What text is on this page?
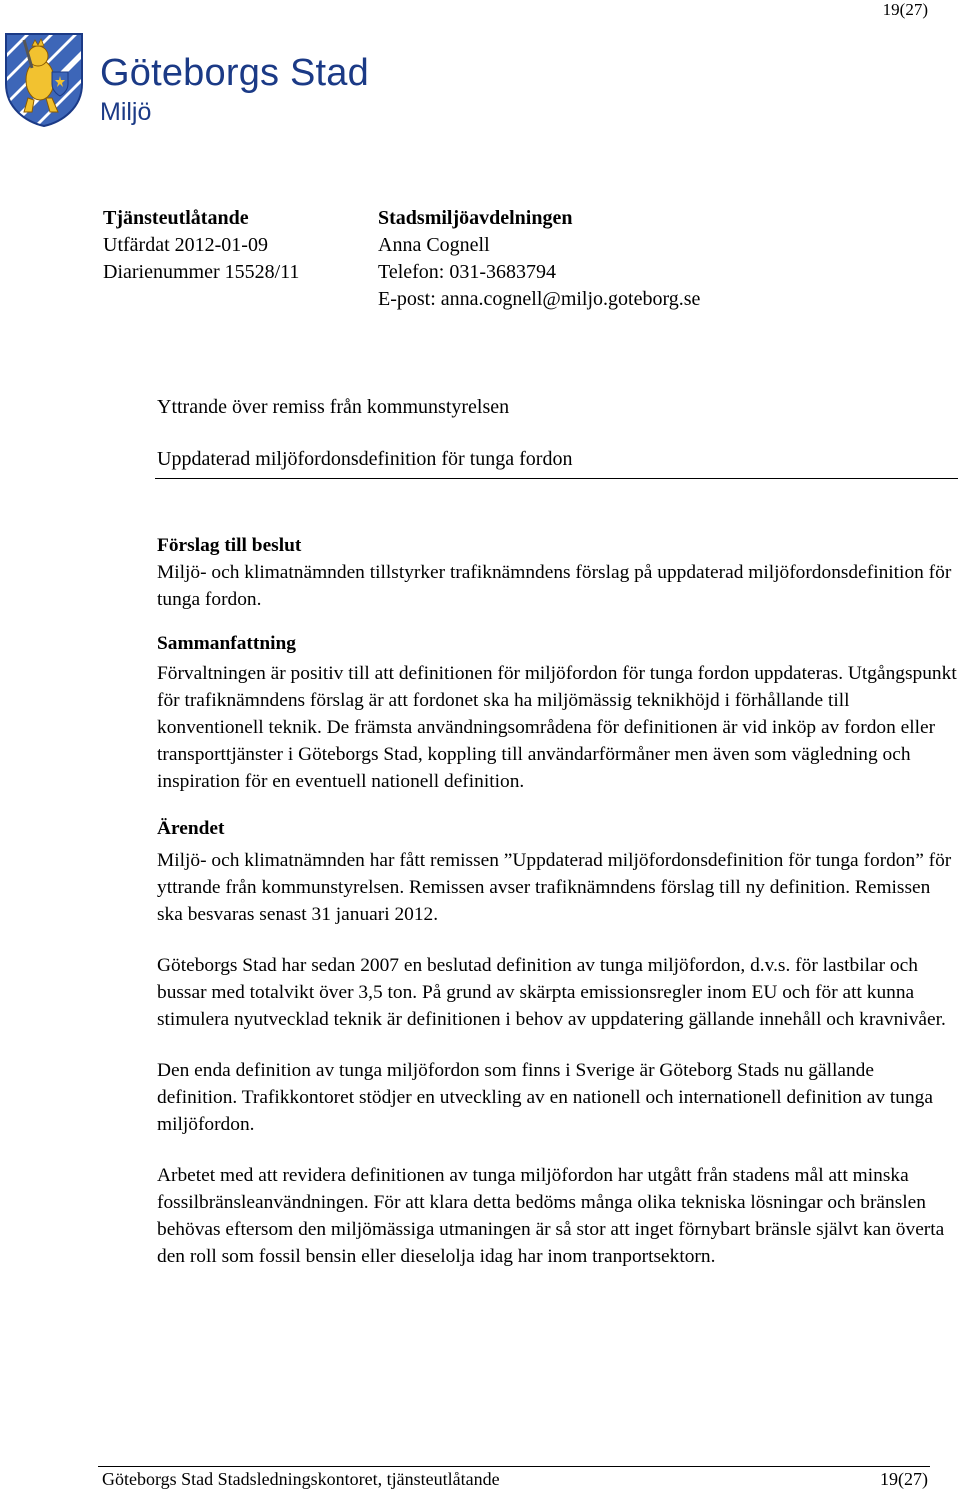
19(27)
Göteborgs Stad
Miljö
Tjänsteutlåtande
Utfärdat 2012-01-09
Diarienummer 15528/11
Stadsmiljöavdelningen
Anna Cognell
Telefon: 031-3683794
E-post: anna.cognell@miljo.goteborg.se
Yttrande över remiss från kommunstyrelsen
Uppdaterad miljöfordonsdefinition för tunga fordon

Förslag till beslut

Miljö- och klimatnämnden tillstyrker trafiknämndens förslag på uppdaterad miljöfordonsdefinition för tunga fordon.

Sammanfattning

Förvaltningen är positiv till att definitionen för miljöfordon för tunga fordon uppdateras. Utgångspunkt för trafiknämndens förslag är att fordonet ska ha miljömässig teknikhöjd i förhållande till konventionell teknik. De främsta användningsområdena för definitionen är vid inköp av fordon eller transporttjänster i Göteborgs Stad, koppling till användarförmåner men även som vägledning och inspiration för en eventuell nationell definition.

Ärendet

Miljö- och klimatnämnden har fått remissen ”Uppdaterad miljöfordonsdefinition för tunga fordon” för yttrande från kommunstyrelsen. Remissen avser trafiknämndens förslag till ny definition. Remissen ska besvaras senast 31 januari 2012.

Göteborgs Stad har sedan 2007 en beslutad definition av tunga miljöfordon, d.v.s. för lastbilar och bussar med totalvikt över 3,5 ton. På grund av skärpta emissionsregler inom EU och för att kunna stimulera nyutvecklad teknik är definitionen i behov av uppdatering gällande innehåll och kravnivåer.

Den enda definition av tunga miljöfordon som finns i Sverige är Göteborg Stads nu gällande definition. Trafikkontoret stödjer en utveckling av en nationell och internationell definition av tunga miljöfordon.

Arbetet med att revidera definitionen av tunga miljöfordon har utgått från stadens mål att minska fossilbränsleanvändningen. För att klara detta bedöms många olika tekniska lösningar och bränslen behövas eftersom den miljömässiga utmaningen är så stor att inget förnybart bränsle självt kan överta den roll som fossil bensin eller dieselolja idag har inom tranportsektorn.

Göteborgs Stad Stadsledningskontoret, tjänsteutlåtande	19(27)
